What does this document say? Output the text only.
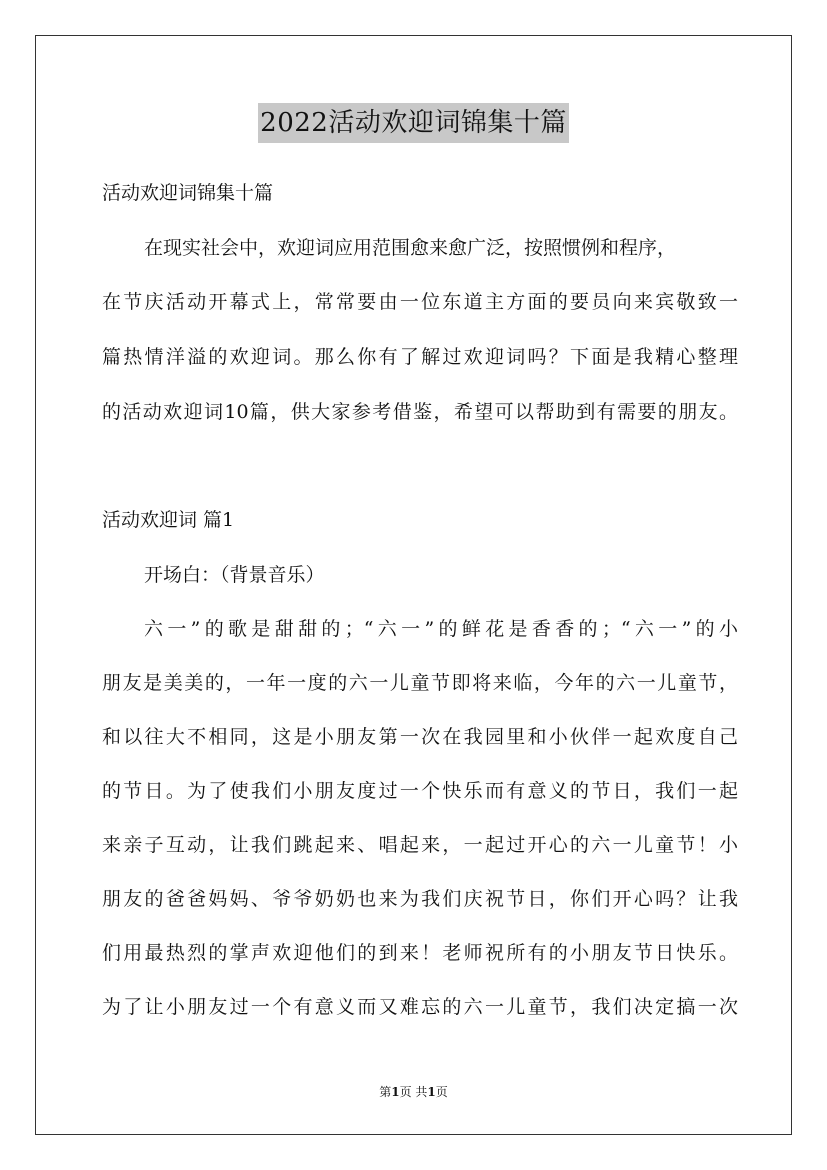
2022活动欢迎词锦集十篇
活动欢迎词锦集十篇
在现实社会中，欢迎词应用范围愈来愈广泛，按照惯例和程序，
在节庆活动开幕式上，常常要由一位东道主方面的要员向来宾敬致一
篇热情洋溢的欢迎词。那么你有了解过欢迎词吗？下面是我精心整理
的活动欢迎词10篇，供大家参考借鉴，希望可以帮助到有需要的朋友。
活动欢迎词 篇1
开场白：（背景音乐）
六一”的歌是甜甜的；“六一”的鲜花是香香的；“六一”的小
朋友是美美的，一年一度的六一儿童节即将来临，今年的六一儿童节，
和以往大不相同，这是小朋友第一次在我园里和小伙伴一起欢度自己
的节日。为了使我们小朋友度过一个快乐而有意义的节日，我们一起
来亲子互动，让我们跳起来、唱起来，一起过开心的六一儿童节！小
朋友的爸爸妈妈、爷爷奶奶也来为我们庆祝节日，你们开心吗？让我
们用最热烈的掌声欢迎他们的到来！老师祝所有的小朋友节日快乐。
为了让小朋友过一个有意义而又难忘的六一儿童节，我们决定搞一次
第1页 共1页
